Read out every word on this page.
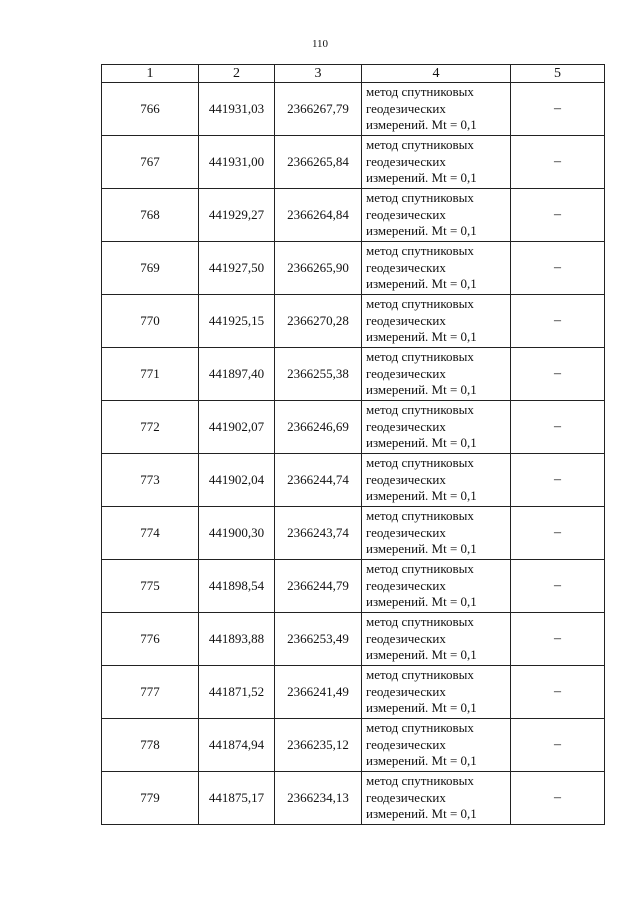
110
1	2	3	4	5
766	441931,03	2366267,79	метод спутниковых
геодезических
измерений. Mt = 0,1	–
767	441931,00	2366265,84	метод спутниковых
геодезических
измерений. Mt = 0,1	–
768	441929,27	2366264,84	метод спутниковых
геодезических
измерений. Mt = 0,1	–
769	441927,50	2366265,90	метод спутниковых
геодезических
измерений. Mt = 0,1	–
770	441925,15	2366270,28	метод спутниковых
геодезических
измерений. Mt = 0,1	–
771	441897,40	2366255,38	метод спутниковых
геодезических
измерений. Mt = 0,1	–
772	441902,07	2366246,69	метод спутниковых
геодезических
измерений. Mt = 0,1	–
773	441902,04	2366244,74	метод спутниковых
геодезических
измерений. Mt = 0,1	–
774	441900,30	2366243,74	метод спутниковых
геодезических
измерений. Mt = 0,1	–
775	441898,54	2366244,79	метод спутниковых
геодезических
измерений. Mt = 0,1	–
776	441893,88	2366253,49	метод спутниковых
геодезических
измерений. Mt = 0,1	–
777	441871,52	2366241,49	метод спутниковых
геодезических
измерений. Mt = 0,1	–
778	441874,94	2366235,12	метод спутниковых
геодезических
измерений. Mt = 0,1	–
779	441875,17	2366234,13	метод спутниковых
геодезических
измерений. Mt = 0,1	–
